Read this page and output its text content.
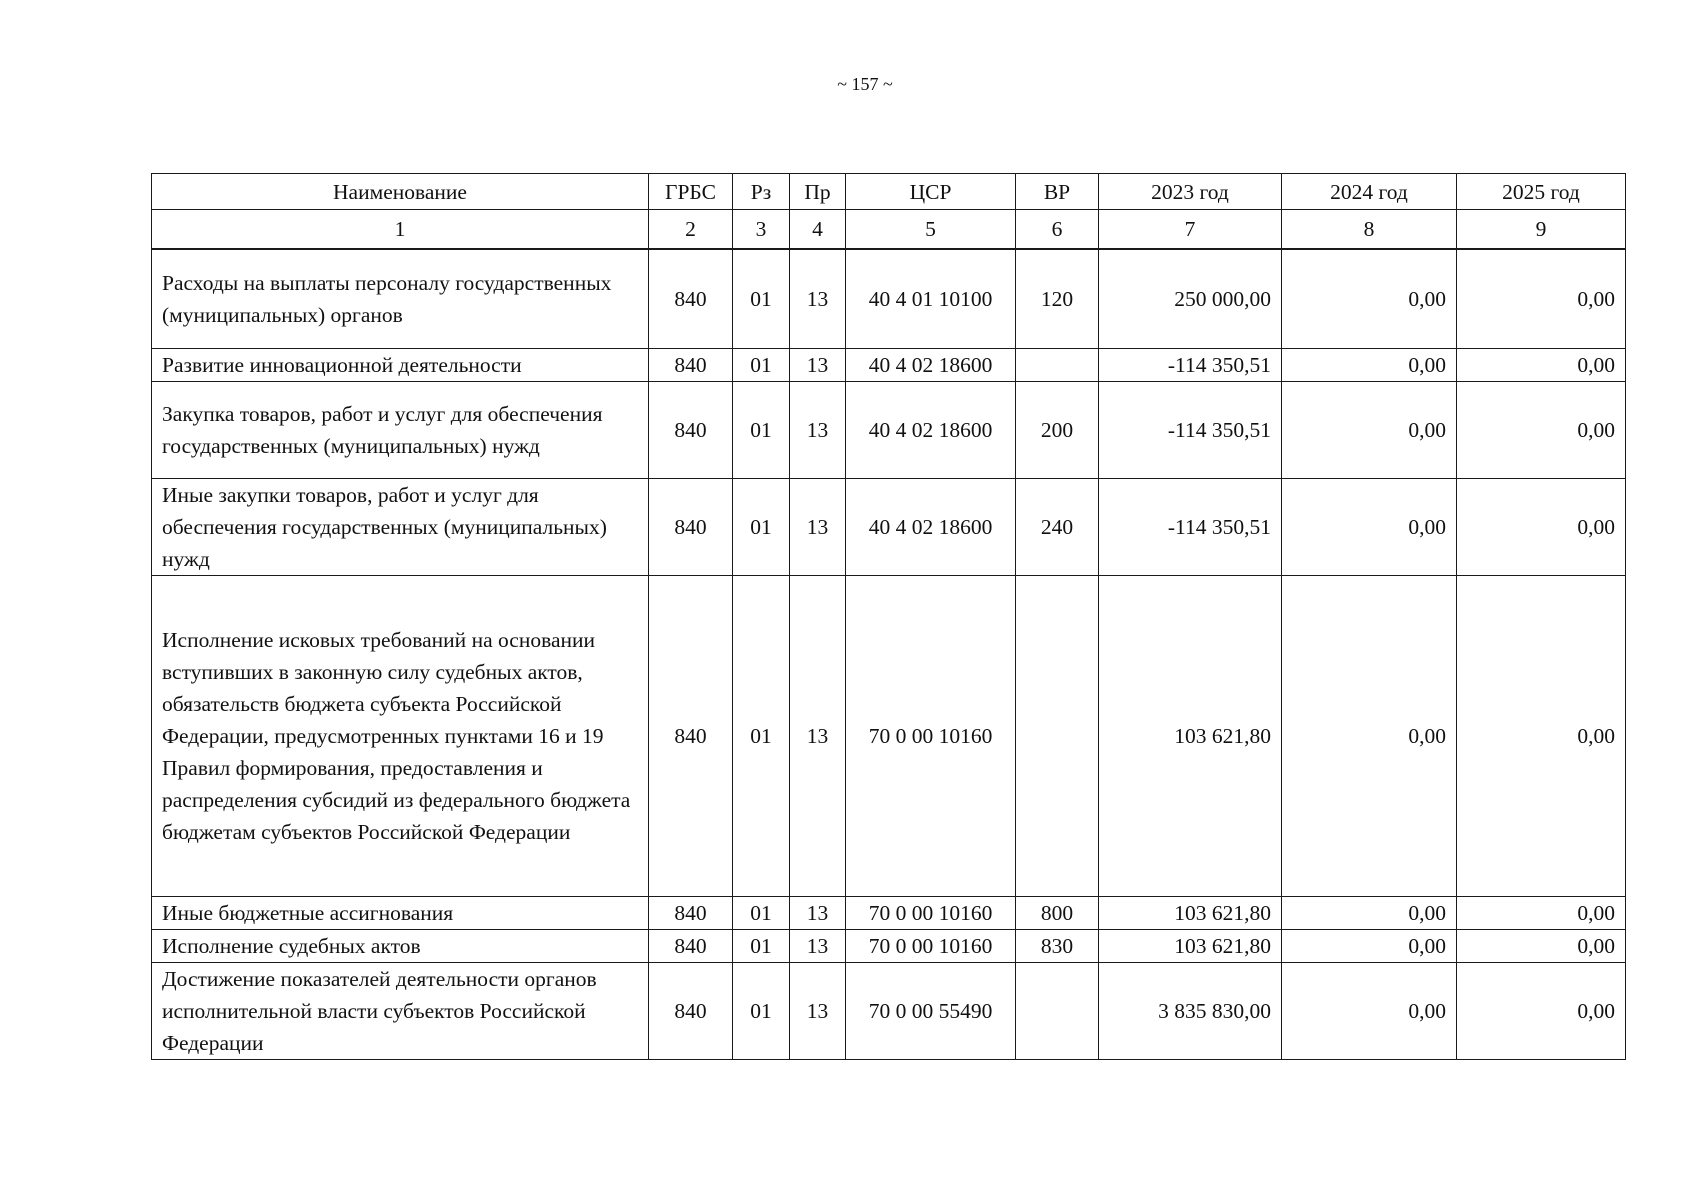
~ 157 ~
Наименование	ГРБС	Рз	Пр	ЦСР	ВР	2023 год	2024 год	2025 год
1	2	3	4	5	6	7	8	9
Расходы на выплаты персоналу государственных (муниципальных) органов	840	01	13	40 4 01 10100	120	250 000,00	0,00	0,00
Развитие инновационной деятельности	840	01	13	40 4 02 18600		-114 350,51	0,00	0,00
Закупка товаров, работ и услуг для обеспечения государственных (муниципальных) нужд	840	01	13	40 4 02 18600	200	-114 350,51	0,00	0,00
Иные закупки товаров, работ и услуг для обеспечения государственных (муниципальных) нужд	840	01	13	40 4 02 18600	240	-114 350,51	0,00	0,00
Исполнение исковых требований на основании вступивших в законную силу судебных актов, обязательств бюджета субъекта Российской Федерации, предусмотренных пунктами 16 и 19 Правил формирования, предоставления и распределения субсидий из федерального бюджета бюджетам субъектов Российской Федерации	840	01	13	70 0 00 10160		103 621,80	0,00	0,00
Иные бюджетные ассигнования	840	01	13	70 0 00 10160	800	103 621,80	0,00	0,00
Исполнение судебных актов	840	01	13	70 0 00 10160	830	103 621,80	0,00	0,00
Достижение показателей деятельности органов исполнительной власти субъектов Российской Федерации	840	01	13	70 0 00 55490		3 835 830,00	0,00	0,00
